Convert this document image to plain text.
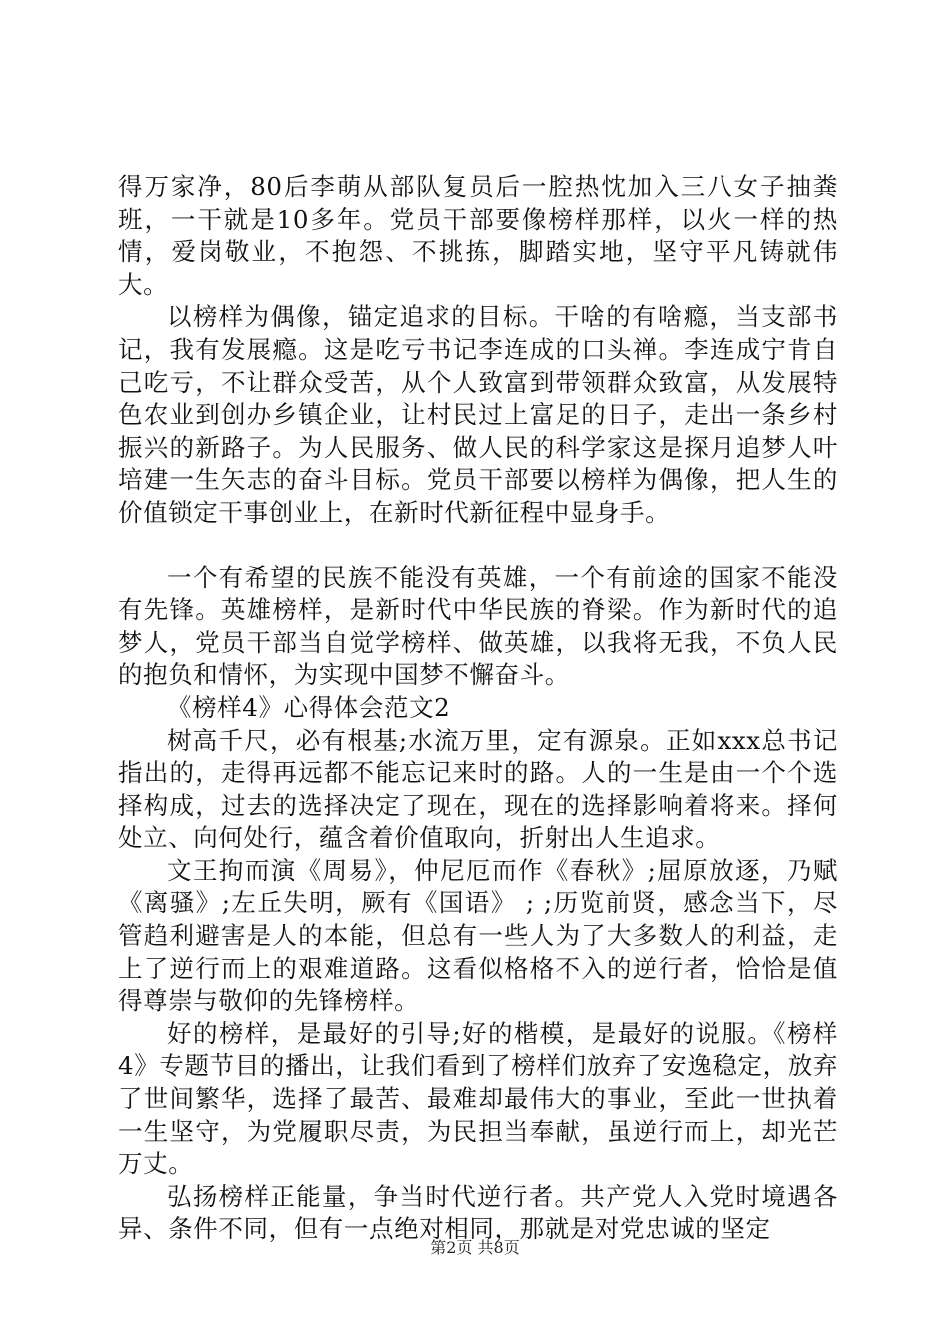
得万家净，80后李萌从部队复员后一腔热忱加入三八女子抽粪班，一干就是10多年。党员干部要像榜样那样，以火一样的热情，爱岗敬业，不抱怨、不挑拣，脚踏实地，坚守平凡铸就伟大。

以榜样为偶像，锚定追求的目标。干啥的有啥瘾，当支部书记，我有发展瘾。这是吃亏书记李连成的口头禅。李连成宁肯自己吃亏，不让群众受苦，从个人致富到带领群众致富，从发展特色农业到创办乡镇企业，让村民过上富足的日子，走出一条乡村振兴的新路子。为人民服务、做人民的科学家这是探月追梦人叶培建一生矢志的奋斗目标。党员干部要以榜样为偶像，把人生的价值锁定干事创业上，在新时代新征程中显身手。

一个有希望的民族不能没有英雄，一个有前途的国家不能没有先锋。英雄榜样，是新时代中华民族的脊梁。作为新时代的追梦人，党员干部当自觉学榜样、做英雄，以我将无我，不负人民的抱负和情怀，为实现中国梦不懈奋斗。

《榜样4》心得体会范文2

树高千尺，必有根基;水流万里，定有源泉。正如xxx总书记指出的，走得再远都不能忘记来时的路。人的一生是由一个个选择构成，过去的选择决定了现在，现在的选择影响着将来。择何处立、向何处行，蕴含着价值取向，折射出人生追求。

文王拘而演《周易》，仲尼厄而作《春秋》;屈原放逐，乃赋《离骚》;左丘失明，厥有《国语》 ; ;历览前贤，感念当下，尽管趋利避害是人的本能，但总有一些人为了大多数人的利益，走上了逆行而上的艰难道路。这看似格格不入的逆行者，恰恰是值得尊崇与敬仰的先锋榜样。

好的榜样，是最好的引导;好的楷模，是最好的说服。《榜样4》专题节目的播出，让我们看到了榜样们放弃了安逸稳定，放弃了世间繁华，选择了最苦、最难却最伟大的事业，至此一世执着一生坚守，为党履职尽责，为民担当奉献，虽逆行而上，却光芒万丈。

弘扬榜样正能量，争当时代逆行者。共产党人入党时境遇各异、条件不同，但有一点绝对相同，那就是对党忠诚的坚定

第2页 共8页
